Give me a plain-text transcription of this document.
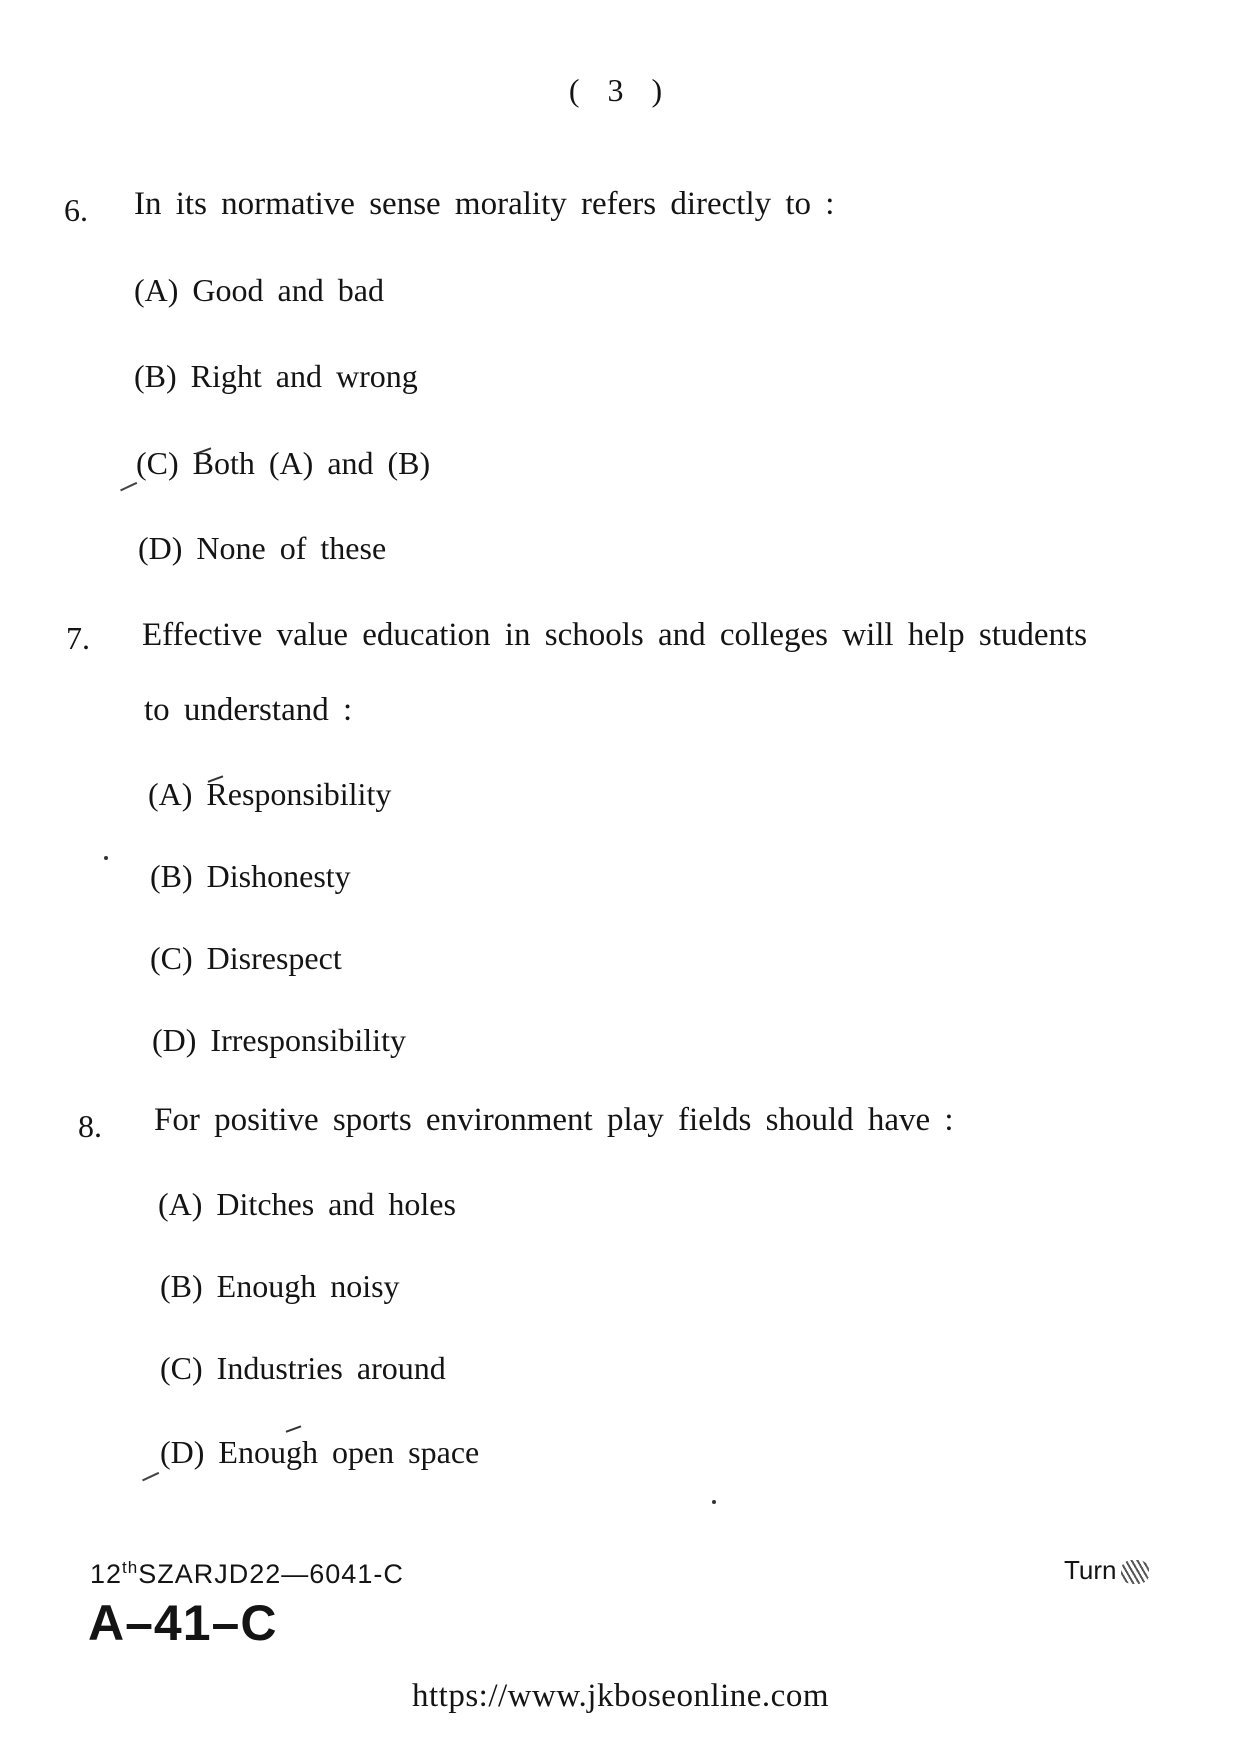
( 3 )
6. In its normative sense morality refers directly to :
(A) Good and bad
(B) Right and wrong
(C) Both (A) and (B)
(D) None of these
7. Effective value education in schools and colleges will help students
to understand :
(A) Responsibility
(B) Dishonesty
(C) Disrespect
(D) Irresponsibility
8. For positive sports environment play fields should have :
(A) Ditches and holes
(B) Enough noisy
(C) Industries around
(D) Enough open space
12thSZARJD22—6041-C
A–41–C
Turn
https://www.jkboseonline.com
